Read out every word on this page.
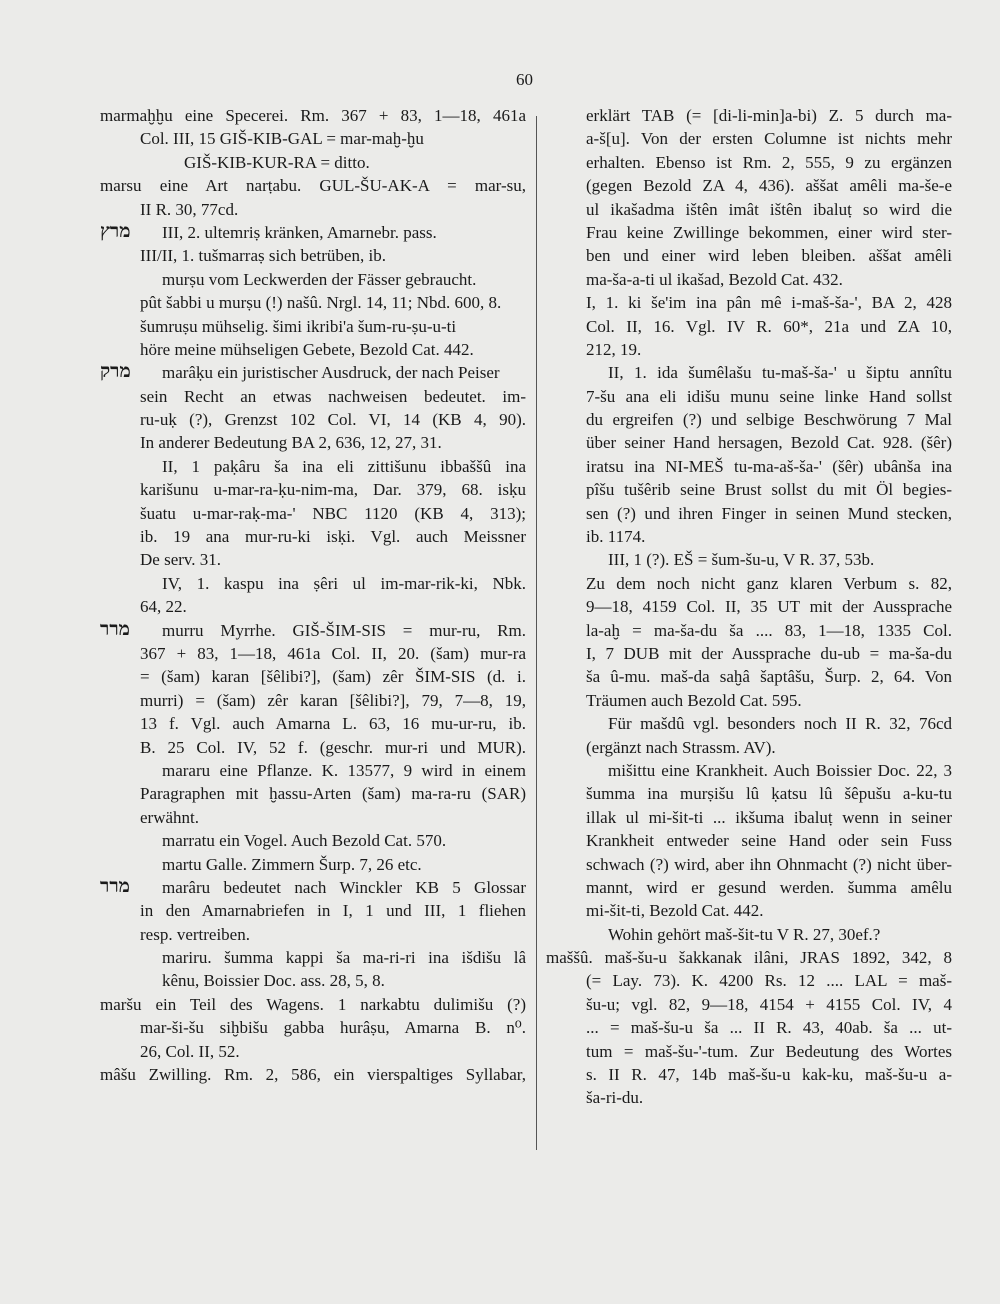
60
marmaḫḫu eine Specerei. Rm. 367 + 83, 1—18, 461a
Col. III, 15 GIŠ-KIB-GAL = mar-maḫ-ḫu
GIŠ-KIB-KUR-RA = ditto.
marsu eine Art narṭabu. GUL-ŠU-AK-A = mar-su,
II R. 30, 77cd.
מרץ III, 2. ultemriṣ kränken, Amarnebr. pass.
III/II, 1. tušmarraṣ sich betrüben, ib.
murṣu vom Leckwerden der Fässer gebraucht.
pût šabbi u murṣu (!) našû. Nrgl. 14, 11; Nbd. 600, 8.
šumruṣu mühselig. šimi ikribi'a šum-ru-ṣu-u-ti
höre meine mühseligen Gebete, Bezold Cat. 442.
מרק marâḳu ein juristischer Ausdruck, der nach Peiser
sein Recht an etwas nachweisen bedeutet. im-
ru-uḳ (?), Grenzst 102 Col. VI, 14 (KB 4, 90).
In anderer Bedeutung BA 2, 636, 12, 27, 31.
II, 1 paḳâru ša ina eli zittišunu ibbaššû ina
karišunu u-mar-ra-ḳu-nim-ma, Dar. 379, 68. isḳu
šuatu u-mar-raḳ-ma-' NBC 1120 (KB 4, 313);
ib. 19 ana mur-ru-ki isḳi. Vgl. auch Meissner
De serv. 31.
IV, 1. kaspu ina ṣêri ul im-mar-rik-ki, Nbk.
64, 22.
מרר murru Myrrhe. GIŠ-ŠIM-SIS = mur-ru, Rm.
367 + 83, 1—18, 461a Col. II, 20. (šam) mur-ra
= (šam) karan [šêlibi?], (šam) zêr ŠIM-SIS (d. i.
murri) = (šam) zêr karan [šêlibi?], 79, 7—8, 19,
13 f. Vgl. auch Amarna L. 63, 16 mu-ur-ru, ib.
B. 25 Col. IV, 52 f. (geschr. mur-ri und MUR).
mararu eine Pflanze. K. 13577, 9 wird in einem
Paragraphen mit ḫassu-Arten (šam) ma-ra-ru (SAR)
erwähnt.
marratu ein Vogel. Auch Bezold Cat. 570.
martu Galle. Zimmern Šurp. 7, 26 etc.
מרר marâru bedeutet nach Winckler KB 5 Glossar
in den Amarnabriefen in I, 1 und III, 1 fliehen
resp. vertreiben.
mariru. šumma kappi ša ma-ri-ri ina išdišu lâ
kênu, Boissier Doc. ass. 28, 5, 8.
maršu ein Teil des Wagens. 1 narkabtu dulimišu (?)
mar-ši-šu siḫbišu gabba hurâṣu, Amarna B. n⁰.
26, Col. II, 52.
mâšu Zwilling. Rm. 2, 586, ein vierspaltiges Syllabar,
erklärt TAB (= [di-li-min]a-bi) Z. 5 durch ma-
a-š[u]. Von der ersten Columne ist nichts mehr
erhalten. Ebenso ist Rm. 2, 555, 9 zu ergänzen
(gegen Bezold ZA 4, 436). aššat amêli ma-še-e
ul ikašadma ištên imât ištên ibaluṭ so wird die
Frau keine Zwillinge bekommen, einer wird ster-
ben und einer wird leben bleiben. aššat amêli
ma-ša-a-ti ul ikašad, Bezold Cat. 432.
I, 1. ki še'im ina pân mê i-maš-ša-', BA 2, 428
Col. II, 16. Vgl. IV R. 60*, 21a und ZA 10,
212, 19.
II, 1. ida šumêlašu tu-maš-ša-' u šiptu annîtu
7-šu ana eli idišu munu seine linke Hand sollst
du ergreifen (?) und selbige Beschwörung 7 Mal
über seiner Hand hersagen, Bezold Cat. 928. (šêr)
iratsu ina NI-MEŠ tu-ma-aš-ša-' (šêr) ubânša ina
pîšu tušêrib seine Brust sollst du mit Öl begies-
sen (?) und ihren Finger in seinen Mund stecken,
ib. 1174.
III, 1 (?). EŠ = šum-šu-u, V R. 37, 53b.
Zu dem noch nicht ganz klaren Verbum s. 82,
9—18, 4159 Col. II, 35 UT mit der Aussprache
la-aḫ = ma-ša-du ša .... 83, 1—18, 1335 Col.
I, 7 DUB mit der Aussprache du-ub = ma-ša-du
ša û-mu. maš-da saḫâ šaptâšu, Šurp. 2, 64. Von
Träumen auch Bezold Cat. 595.
Für mašdû vgl. besonders noch II R. 32, 76cd
(ergänzt nach Strassm. AV).
mišittu eine Krankheit. Auch Boissier Doc. 22, 3
šumma ina murṣišu lû ḳatsu lû šêpušu a-ku-tu
illak ul mi-šit-ti ... ikšuma ibaluṭ wenn in seiner
Krankheit entweder seine Hand oder sein Fuss
schwach (?) wird, aber ihn Ohnmacht (?) nicht über-
mannt, wird er gesund werden. šumma amêlu
mi-šit-ti, Bezold Cat. 442.
Wohin gehört maš-šit-tu V R. 27, 30ef.?
maššû. maš-šu-u šakkanak ilâni, JRAS 1892, 342, 8
(= Lay. 73). K. 4200 Rs. 12 .... LAL = maš-
šu-u; vgl. 82, 9—18, 4154 + 4155 Col. IV, 4
... = maš-šu-u ša ... II R. 43, 40ab. ša ... ut-
tum = maš-šu-'-tum. Zur Bedeutung des Wortes
s. II R. 47, 14b maš-šu-u kak-ku, maš-šu-u a-
ša-ri-du.
